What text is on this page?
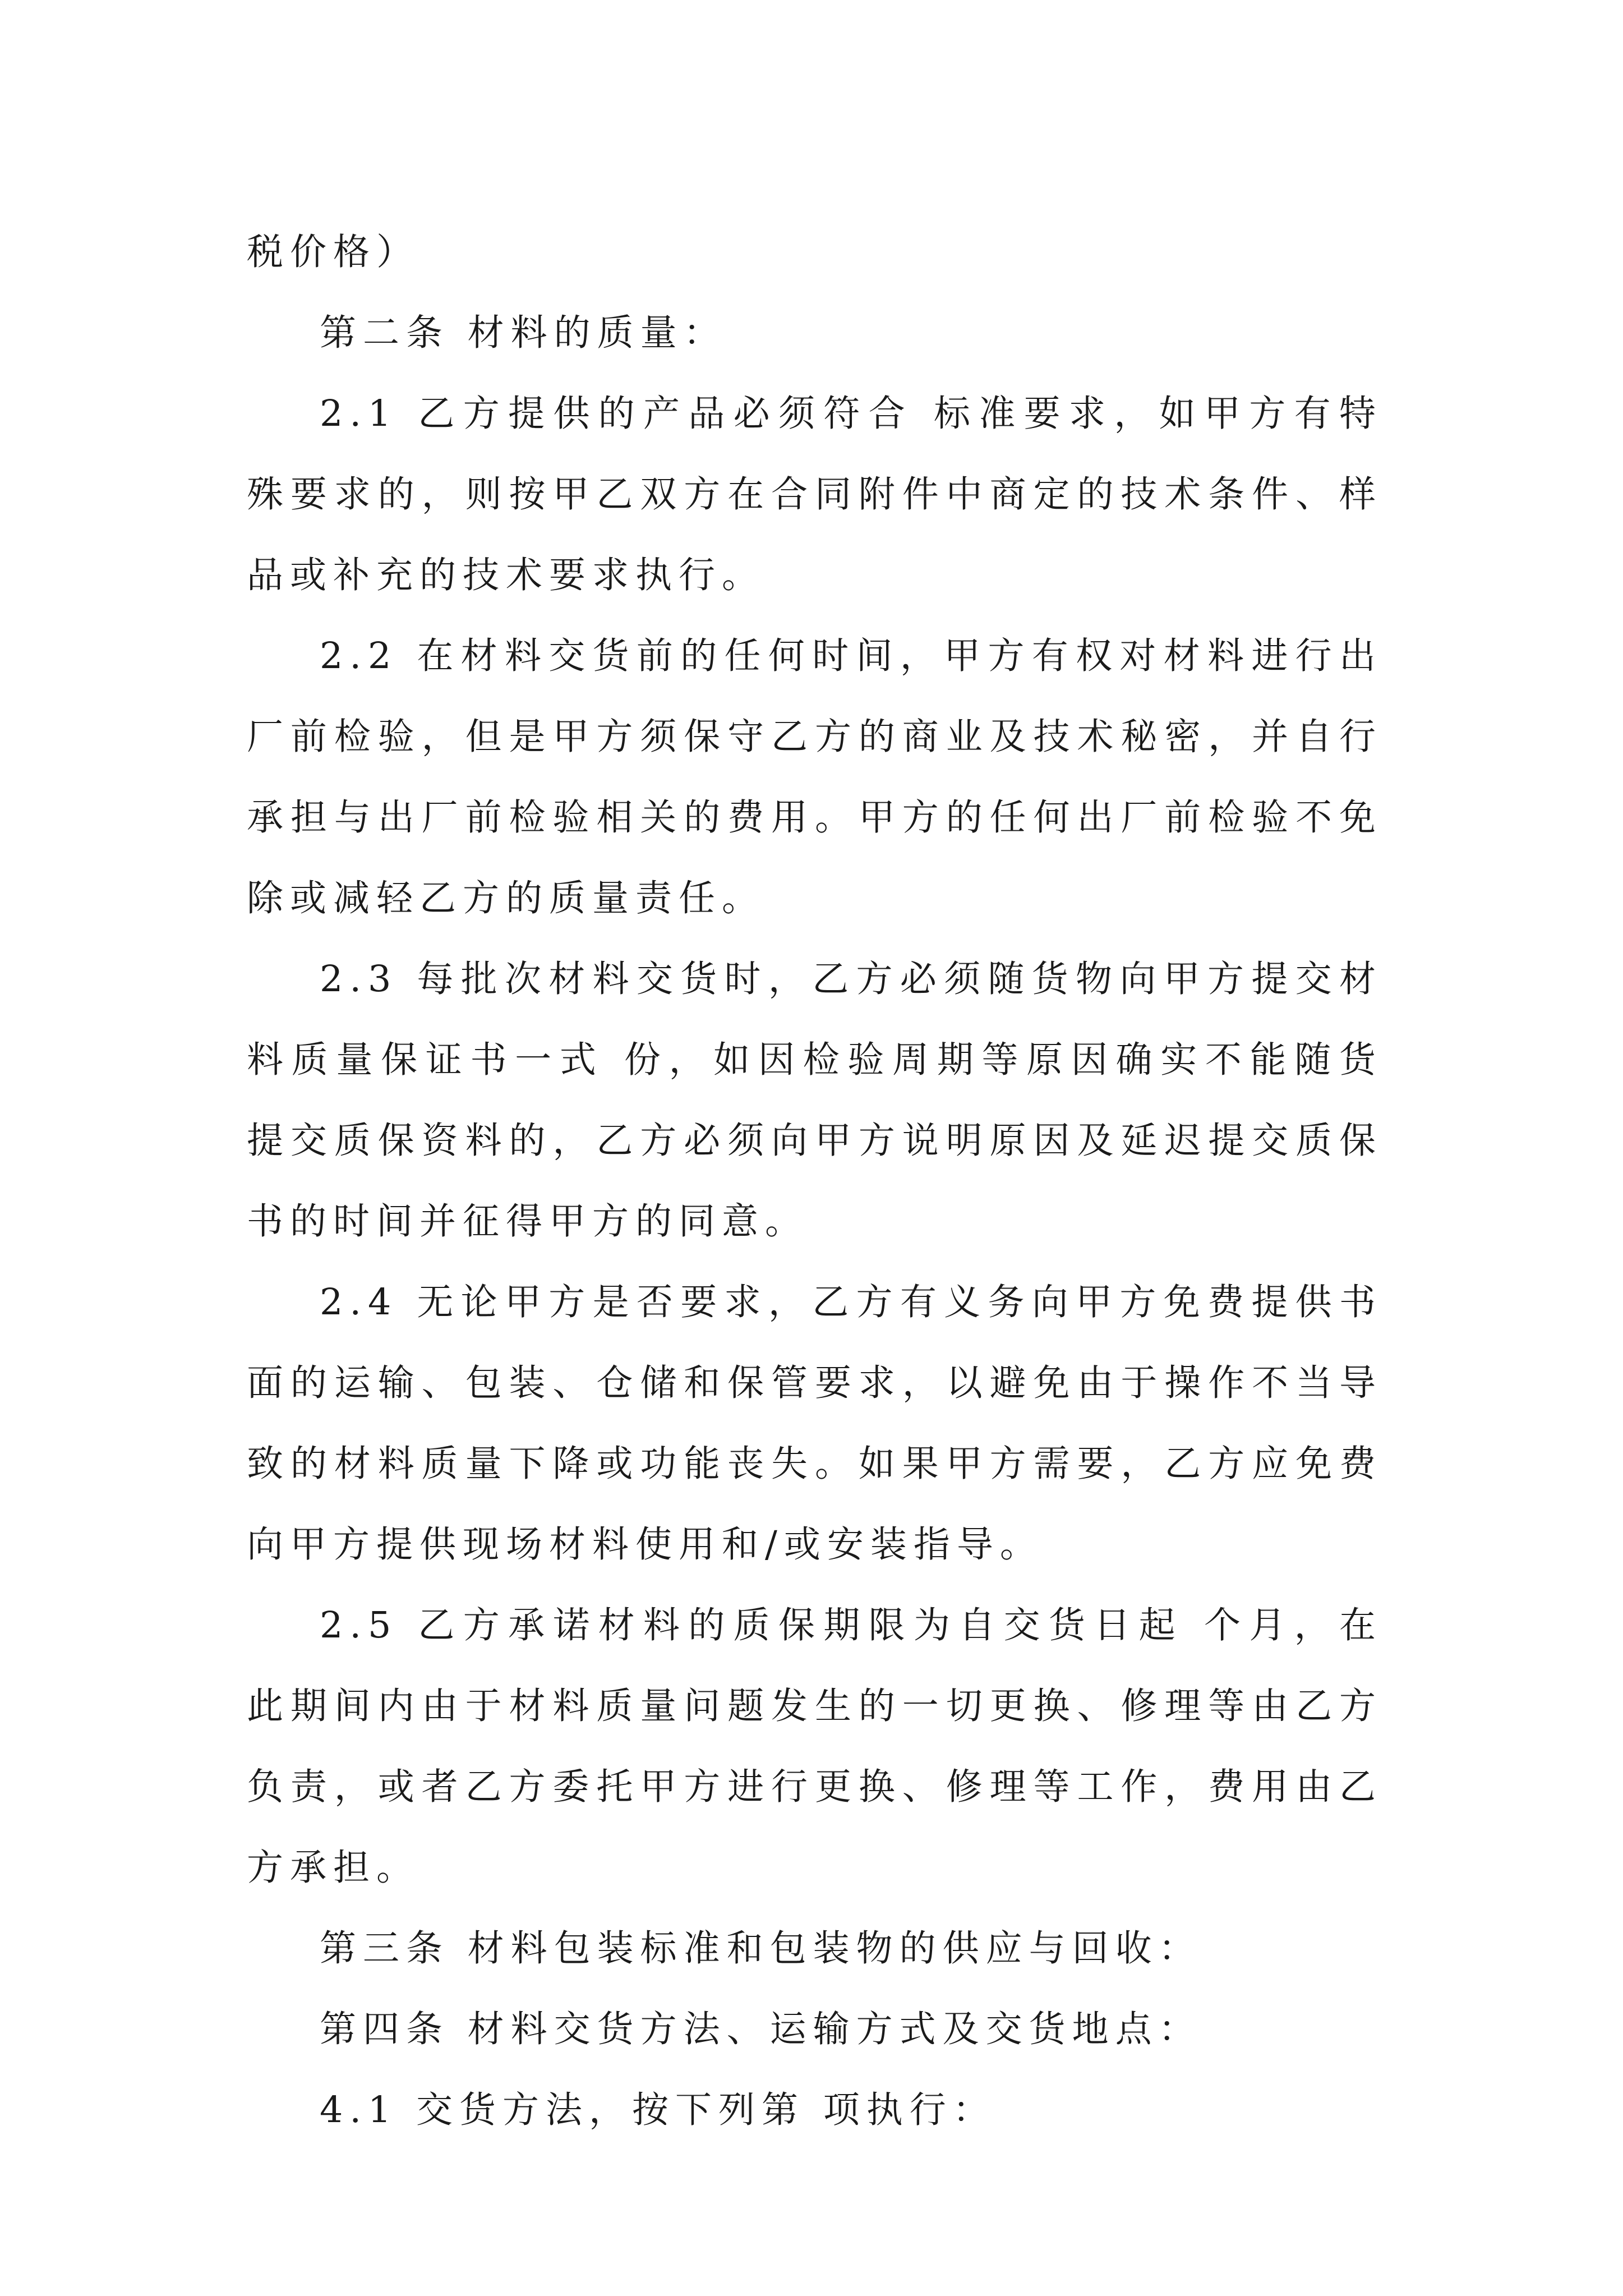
税价格）

第二条 材料的质量：

2.1 乙方提供的产品必须符合 标准要求，如甲方有特殊要求的，则按甲乙双方在合同附件中商定的技术条件、样品或补充的技术要求执行。

2.2 在材料交货前的任何时间，甲方有权对材料进行出厂前检验，但是甲方须保守乙方的商业及技术秘密，并自行承担与出厂前检验相关的费用。甲方的任何出厂前检验不免除或减轻乙方的质量责任。

2.3 每批次材料交货时，乙方必须随货物向甲方提交材料质量保证书一式 份，如因检验周期等原因确实不能随货提交质保资料的，乙方必须向甲方说明原因及延迟提交质保书的时间并征得甲方的同意。

2.4 无论甲方是否要求，乙方有义务向甲方免费提供书面的运输、包装、仓储和保管要求，以避免由于操作不当导致的材料质量下降或功能丧失。如果甲方需要，乙方应免费向甲方提供现场材料使用和/或安装指导。

2.5 乙方承诺材料的质保期限为自交货日起 个月，在此期间内由于材料质量问题发生的一切更换、修理等由乙方负责，或者乙方委托甲方进行更换、修理等工作，费用由乙方承担。

第三条 材料包装标准和包装物的供应与回收：

第四条 材料交货方法、运输方式及交货地点：

4.1 交货方法，按下列第 项执行：
